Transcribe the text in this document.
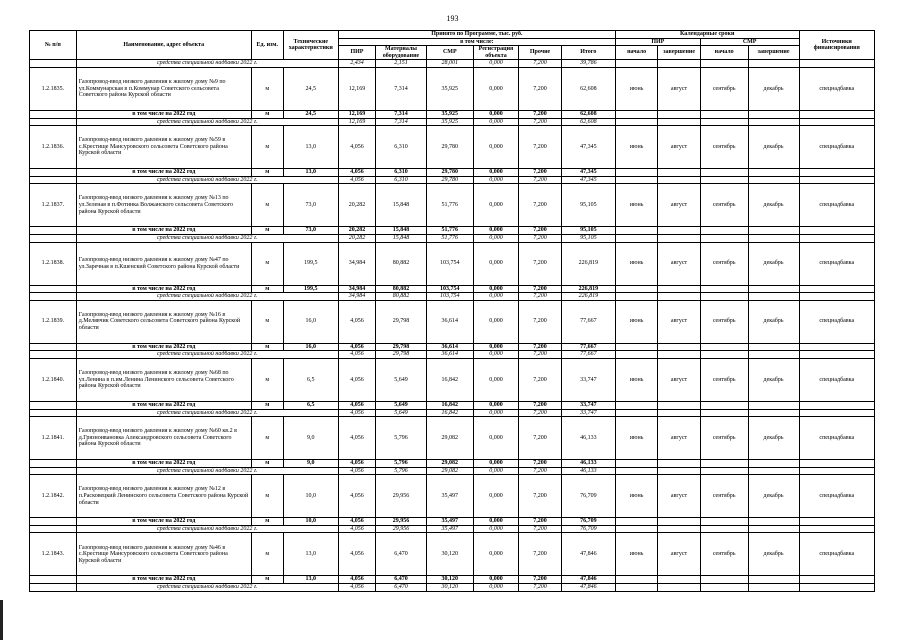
193
№ п/п	Наименование, адрес объекта	Ед. изм.	Технические характеристики	Принято по Программе, тыс. руб.						Календарные сроки				Источники финансирования
				в том числе:						ПИР		СМР		
				ПИР	Материалы оборудование	СМР	Регистрация объекта	Прочие	Итого	начало	завершение	начало	завершение	
	средства специальной надбавки 2022 г.			2,434	2,151	28,001	0,000	7,200	39,786					
1.2.1835.	Газопровод-ввод низкого давления к жилому дому №9 по ул.Коммунарская в п.Коммунар Советского сельсовета Советского района Курской области	м	24,5	12,169	7,314	35,925	0,000	7,200	62,608	июнь	август	сентябрь	декабрь	спецнадбавка
	в том числе на 2022 год	м	24,5	12,169	7,314	35,925	0,000	7,200	62,608					
	средства специальной надбавки 2022 г.			12,169	7,314	35,925	0,000	7,200	62,608					
1.2.1836.	Газопровод-ввод низкого давления к жилому дому №59 в с.Крестище Мансуровского сельсовета Советского района Курской области	м	13,0	4,056	6,310	29,780	0,000	7,200	47,345	июнь	август	сентябрь	декабрь	спецнадбавка
	в том числе на 2022 год	м	13,0	4,056	6,310	29,780	0,000	7,200	47,345					
	средства специальной надбавки 2022 г.			4,056	6,310	29,780	0,000	7,200	47,345					
1.2.1837.	Газопровод-ввод низкого давления к жилому дому №13 по ул.Зеленая в п.Фотинка Волжанского сельсовета Советского района Курской области	м	73,0	20,282	15,848	51,776	0,000	7,200	95,105	июнь	август	сентябрь	декабрь	спецнадбавка
	в том числе на 2022 год	м	73,0	20,282	15,848	51,776	0,000	7,200	95,105					
	средства специальной надбавки 2022 г.			20,282	15,848	51,776	0,000	7,200	95,105					
1.2.1838.	Газопровод-ввод низкого давления к жилому дому №47 по ул.Заречная в п.Кшенский Советского района Курской области	м	199,5	34,984	80,882	103,754	0,000	7,200	226,819	июнь	август	сентябрь	декабрь	спецнадбавка
	в том числе на 2022 год	м	199,5	34,984	80,882	103,754	0,000	7,200	226,819					
	средства специальной надбавки 2022 г.			34,984	80,882	103,754	0,000	7,200	226,819					
1.2.1839.	Газопровод-ввод низкого давления к жилому дому №16 в д.Мелявчик Советского сельсовета Советского района Курской области	м	16,0	4,056	29,798	36,614	0,000	7,200	77,667	июнь	август	сентябрь	декабрь	спецнадбавка
	в том числе на 2022 год	м	16,0	4,056	29,798	36,614	0,000	7,200	77,667					
	средства специальной надбавки 2022 г.			4,056	29,798	36,614	0,000	7,200	77,667					
1.2.1840.	Газопровод-ввод низкого давления к жилому дому №68 по ул.Ленина в п.им.Ленина Ленинского сельсовета Советского района Курской области	м	6,5	4,056	5,649	16,842	0,000	7,200	33,747	июнь	август	сентябрь	декабрь	спецнадбавка
	в том числе на 2022 год	м	6,5	4,056	5,649	16,842	0,000	7,200	33,747					
	средства специальной надбавки 2022 г.			4,056	5,649	16,842	0,000	7,200	33,747					
1.2.1841.	Газопровод-ввод низкого давления к жилому дому №60 кв.2 в д.Грязноивановка Александровского сельсовета Советского района Курской области	м	9,0	4,056	5,796	29,082	0,000	7,200	46,133	июнь	август	сентябрь	декабрь	спецнадбавка
	в том числе на 2022 год	м	9,0	4,056	5,796	29,082	0,000	7,200	46,133					
	средства специальной надбавки 2022 г.			4,056	5,796	29,082	0,000	7,200	46,133					
1.2.1842.	Газопровод-ввод низкого давления к жилому дому №12 в п.Расковецкий Ленинского сельсовета Советского района Курской области	м	10,0	4,056	29,956	35,497	0,000	7,200	76,709	июнь	август	сентябрь	декабрь	спецнадбавка
	в том числе на 2022 год	м	10,0	4,056	29,956	35,497	0,000	7,200	76,709					
	средства специальной надбавки 2022 г.			4,056	29,956	35,497	0,000	7,200	76,709					
1.2.1843.	Газопровод-ввод низкого давления к жилому дому №46 в с.Крестище Мансуровского сельсовета Советского района Курской области	м	13,0	4,056	6,470	30,120	0,000	7,200	47,846	июнь	август	сентябрь	декабрь	спецнадбавка
	в том числе на 2022 год	м	13,0	4,056	6,470	30,120	0,000	7,200	47,846					
	средства специальной надбавки 2022 г.			4,056	6,470	30,120	0,000	7,200	47,846					
